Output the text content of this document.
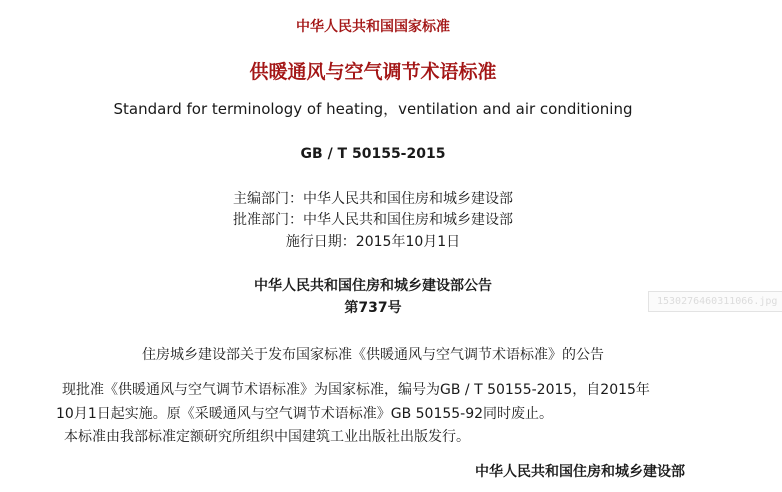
中华人民共和国国家标准
供暖通风与空气调节术语标准
Standard for terminology of heating，ventilation and air conditioning
GB / T 50155-2015
主编部门：中华人民共和国住房和城乡建设部
批准部门：中华人民共和国住房和城乡建设部
施行日期：2015年10月1日
中华人民共和国住房和城乡建设部公告
第737号	1530276460311066.jpg
住房城乡建设部关于发布国家标准《供暖通风与空气调节术语标准》的公告
现批准《供暖通风与空气调节术语标准》为国家标准，编号为GB / T 50155-2015，自2015年
10月1日起实施。原《采暖通风与空气调节术语标准》GB 50155-92同时废止。
本标准由我部标准定额研究所组织中国建筑工业出版社出版发行。
中华人民共和国住房和城乡建设部
